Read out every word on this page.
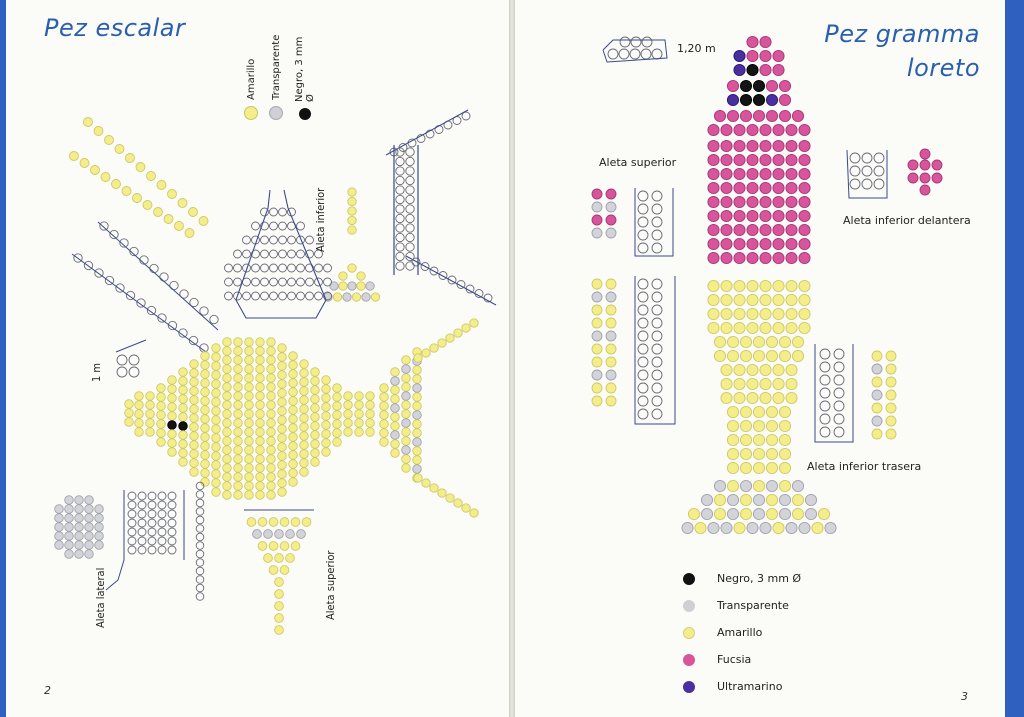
Pez escalar
Amarillo Transparente Negro, 3 mm Ø
Aleta inferior
Aleta superior
Aleta lateral
1 m
2
Pez gramma
loreto
1,20 m
Aleta superior
Aleta inferior delantera
Aleta inferior trasera
Negro, 3 mm Ø
Transparente
Amarillo
Fucsia
Ultramarino
3
